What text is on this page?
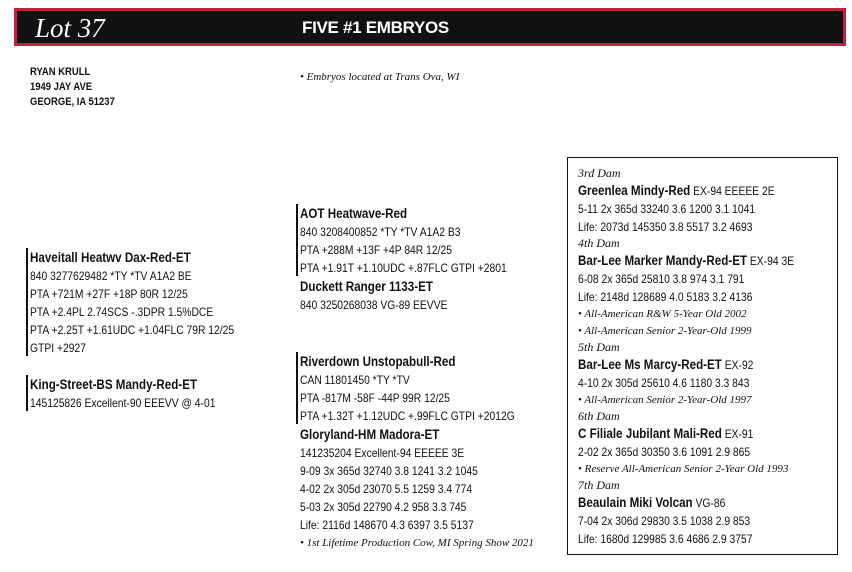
Lot 37	FIVE #1 EMBRYOS
RYAN KRULL
1949 JAY AVE
GEORGE, IA 51237
• Embryos located at Trans Ova, WI
Haveitall Heatwv Dax-Red-ET
840 3277629482 *TY *TV A1A2 BE
PTA +721M +27F +18P 80R 12/25
PTA +2.4PL 2.74SCS -.3DPR 1.5%DCE
PTA +2.25T +1.61UDC +1.04FLC 79R 12/25
GTPI +2927
King-Street-BS Mandy-Red-ET
145125826 Excellent-90 EEEVV @ 4-01
AOT Heatwave-Red
840 3208400852 *TY *TV A1A2 B3
PTA +288M +13F +4P 84R 12/25
PTA +1.91T +1.10UDC +.87FLC GTPI +2801
Duckett Ranger 1133-ET
840 3250268038 VG-89 EEVVE
Riverdown Unstopabull-Red
CAN 11801450 *TY *TV
PTA -817M -58F -44P 99R 12/25
PTA +1.32T +1.12UDC +.99FLC GTPI +2012G
Gloryland-HM Madora-ET
141235204 Excellent-94 EEEEE 3E
9-09 3x 365d 32740 3.8 1241 3.2 1045
4-02 2x 305d 23070 5.5 1259 3.4 774
5-03 2x 305d 22790 4.2 958 3.3 745
Life: 2116d 148670 4.3 6397 3.5 5137
• 1st Lifetime Production Cow, MI Spring Show 2021
3rd Dam
Greenlea Mindy-Red EX-94 EEEEE 2E
5-11 2x 365d 33240 3.6 1200 3.1 1041
Life: 2073d 145350 3.8 5517 3.2 4693
4th Dam
Bar-Lee Marker Mandy-Red-ET EX-94 3E
6-08 2x 365d 25810 3.8 974 3.1 791
Life: 2148d 128689 4.0 5183 3.2 4136
• All-American R&W 5-Year Old 2002
• All-American Senior 2-Year-Old 1999
5th Dam
Bar-Lee Ms Marcy-Red-ET EX-92
4-10 2x 305d 25610 4.6 1180 3.3 843
• All-American Senior 2-Year-Old 1997
6th Dam
C Filiale Jubilant Mali-Red EX-91
2-02 2x 365d 30350 3.6 1091 2.9 865
• Reserve All-American Senior 2-Year Old 1993
7th Dam
Beaulain Miki Volcan VG-86
7-04 2x 306d 29830 3.5 1038 2.9 853
Life: 1680d 129985 3.6 4686 2.9 3757
